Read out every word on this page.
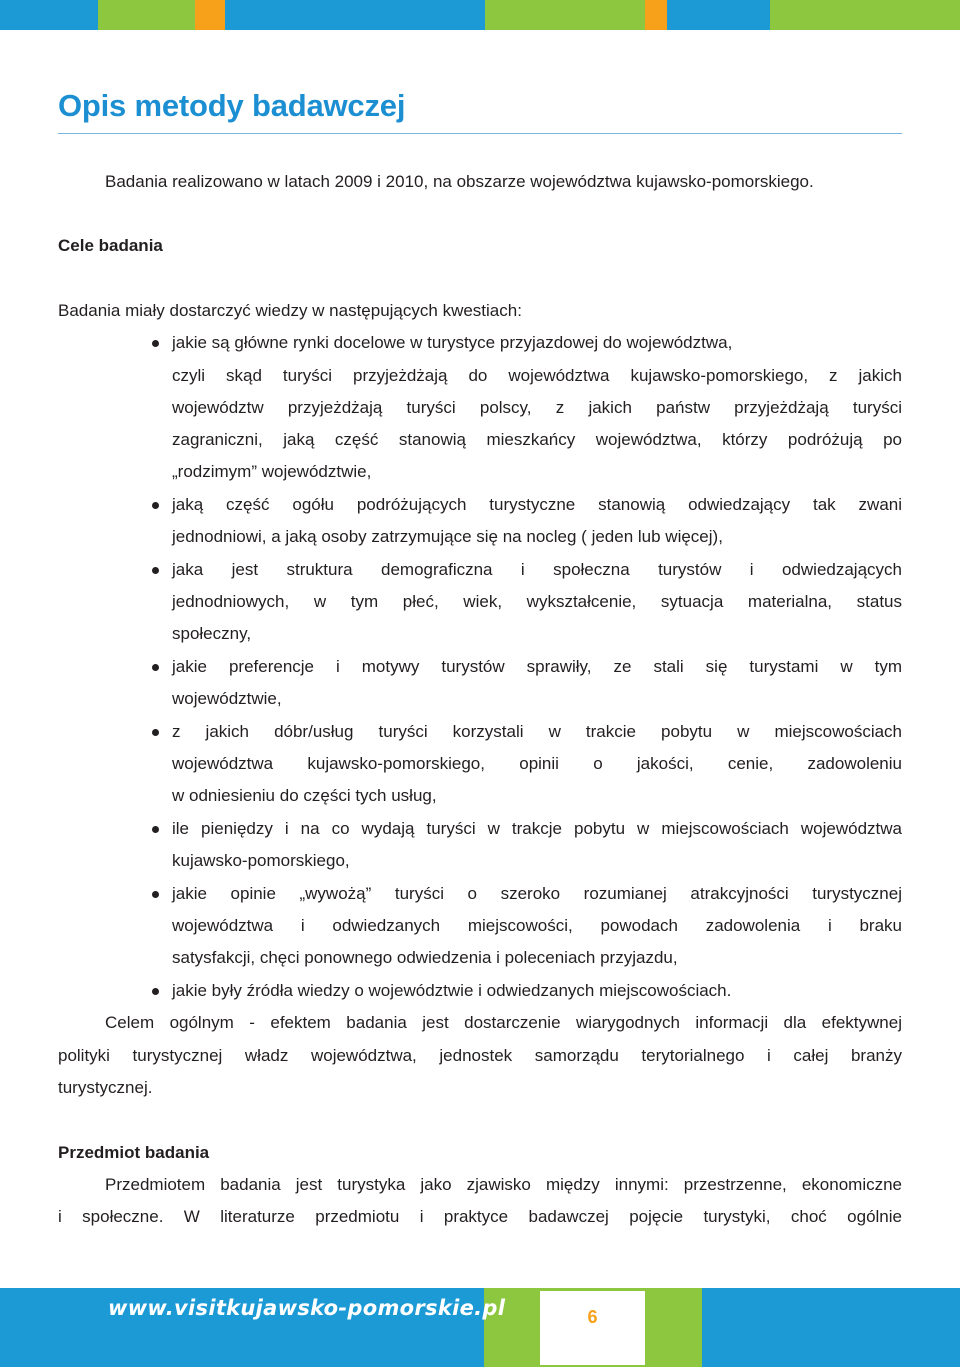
Opis metody badawczej
Badania realizowano w latach 2009 i 2010, na obszarze województwa kujawsko-pomorskiego.
Cele badania
Badania miały dostarczyć wiedzy w następujących kwestiach:
jakie są główne rynki docelowe w turystyce przyjazdowej do województwa,
czyli skąd turyści przyjeżdżają do województwa kujawsko-pomorskiego, z jakich
województw przyjeżdżają turyści polscy, z jakich państw przyjeżdżają turyści
zagraniczni, jaką część stanowią mieszkańcy województwa, którzy podróżują po
„rodzimym” województwie,
jaką część ogółu podróżujących turystyczne stanowią odwiedzający tak zwani
jednodniowi, a jaką osoby zatrzymujące się na nocleg ( jeden lub więcej),
jaka jest struktura demograficzna i społeczna turystów i odwiedzających
jednodniowych, w tym płeć, wiek, wykształcenie, sytuacja materialna, status
społeczny,
jakie preferencje i motywy turystów sprawiły, ze stali się turystami w tym
województwie,
z jakich dóbr/usług turyści korzystali w trakcie pobytu w miejscowościach
województwa kujawsko-pomorskiego, opinii o jakości, cenie, zadowoleniu
w odniesieniu do części tych usług,
ile pieniędzy i na co wydają turyści w trakcje pobytu w miejscowościach województwa
kujawsko-pomorskiego,
jakie opinie „wywożą” turyści o szeroko rozumianej atrakcyjności turystycznej
województwa i odwiedzanych miejscowości, powodach zadowolenia i braku
satysfakcji, chęci ponownego odwiedzenia i poleceniach przyjazdu,
jakie były źródła wiedzy o województwie i odwiedzanych miejscowościach.
Celem ogólnym - efektem badania jest dostarczenie wiarygodnych informacji dla efektywnej
polityki turystycznej władz województwa, jednostek samorządu terytorialnego i całej branży
turystycznej.
Przedmiot badania
Przedmiotem badania jest turystyka jako zjawisko między innymi: przestrzenne, ekonomiczne
i społeczne. W literaturze przedmiotu i praktyce badawczej pojęcie turystyki, choć ogólnie
6
www.visitkujawsko-pomorskie.pl
